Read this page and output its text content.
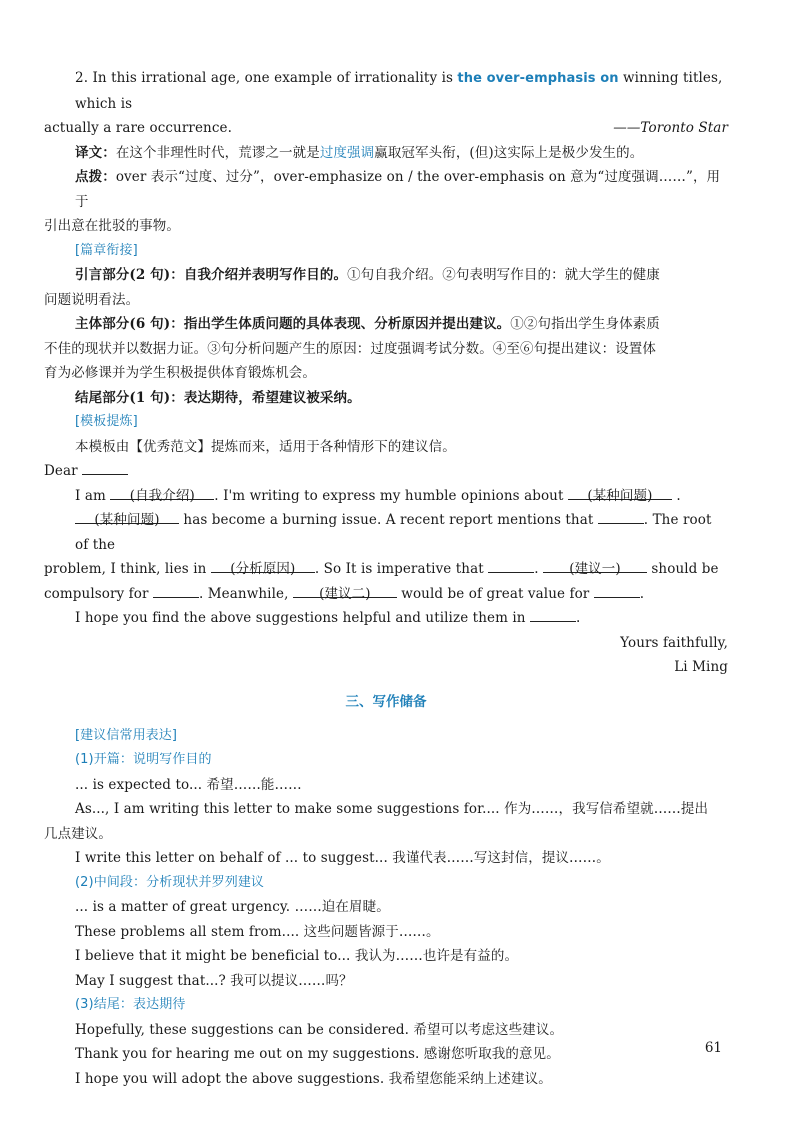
2. In this irrational age, one example of irrationality is the over-emphasis on winning titles, which is

actually a rare occurrence.	——Toronto Star

译文：在这个非理性时代，荒谬之一就是过度强调赢取冠军头衔，(但)这实际上是极少发生的。

点拨：over 表示“过度、过分”，over-emphasize on / the over-emphasis on 意为“过度强调……”，用于

引出意在批驳的事物。

[篇章衔接]

引言部分(2 句)：自我介绍并表明写作目的。①句自我介绍。②句表明写作目的：就大学生的健康

问题说明看法。

主体部分(6 句)：指出学生体质问题的具体表现、分析原因并提出建议。①②句指出学生身体素质

不佳的现状并以数据力证。③句分析问题产生的原因：过度强调考试分数。④至⑥句提出建议：设置体

育为必修课并为学生积极提供体育锻炼机会。

结尾部分(1 句)：表达期待，希望建议被采纳。

[模板提炼]

本模板由【优秀范文】提炼而来，适用于各种情形下的建议信。

Dear

I am (自我介绍) . I'm writing to express my humble opinions about (某种问题) .

(某种问题) has become a burning issue. A recent report mentions that	. The root of the

problem, I think, lies in (分析原因) . So It is imperative that	. (建议一) should be

compulsory for	. Meanwhile, (建议二) would be of great value for	.

I hope you find the above suggestions helpful and utilize them in	.

Yours faithfully,

Li Ming

三、写作储备

[建议信常用表达]

(1)开篇：说明写作目的

... is expected to... 希望……能……

As..., I am writing this letter to make some suggestions for.... 作为……，我写信希望就……提出

几点建议。

I write this letter on behalf of ... to suggest... 我谨代表……写这封信，提议……。

(2)中间段：分析现状并罗列建议

... is a matter of great urgency. ……迫在眉睫。

These problems all stem from.... 这些问题皆源于……。

I believe that it might be beneficial to... 我认为……也许是有益的。

May I suggest that...? 我可以提议……吗？

(3)结尾：表达期待

Hopefully, these suggestions can be considered. 希望可以考虑这些建议。

Thank you for hearing me out on my suggestions. 感谢您听取我的意见。

I hope you will adopt the above suggestions. 我希望您能采纳上述建议。

61
